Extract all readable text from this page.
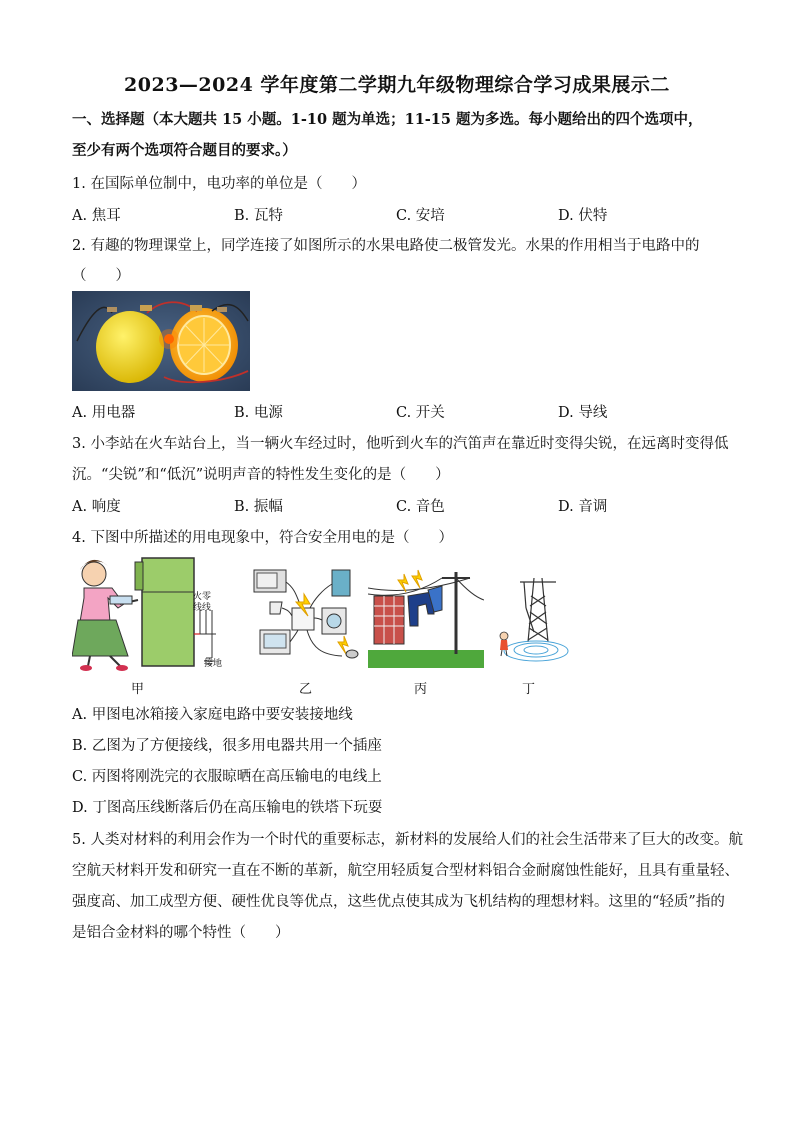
2023—2024 学年度第二学期九年级物理综合学习成果展示二
一、选择题（本大题共 15 小题。1-10 题为单选；11-15 题为多选。每小题给出的四个选项中，
至少有两个选项符合题目的要求。）
1. 在国际单位制中，电功率的单位是（　　）
A. 焦耳	B. 瓦特	C. 安培	D. 伏特
2. 有趣的物理课堂上，同学连接了如图所示的水果电路使二极管发光。水果的作用相当于电路中的
（　　）
A. 用电器	B. 电源	C. 开关	D. 导线
3. 小李站在火车站台上，当一辆火车经过时，他听到火车的汽笛声在靠近时变得尖锐，在远离时变得低
沉。“尖锐”和“低沉”说明声音的特性发生变化的是（　　）
A. 响度	B. 振幅	C. 音色	D. 音调
4. 下图中所描述的用电现象中，符合安全用电的是（　　）
火零
线线
接地
甲	乙	丙	丁
A. 甲图电冰箱接入家庭电路中要安装接地线
B. 乙图为了方便接线，很多用电器共用一个插座
C. 丙图将刚洗完的衣服晾晒在高压输电的电线上
D. 丁图高压线断落后仍在高压输电的铁塔下玩耍
5. 人类对材料的利用会作为一个时代的重要标志，新材料的发展给人们的社会生活带来了巨大的改变。航
空航天材料开发和研究一直在不断的革新，航空用轻质复合型材料铝合金耐腐蚀性能好，且具有重量轻、
强度高、加工成型方便、硬性优良等优点，这些优点使其成为飞机结构的理想材料。这里的“轻质”指的
是铝合金材料的哪个特性（　　）
